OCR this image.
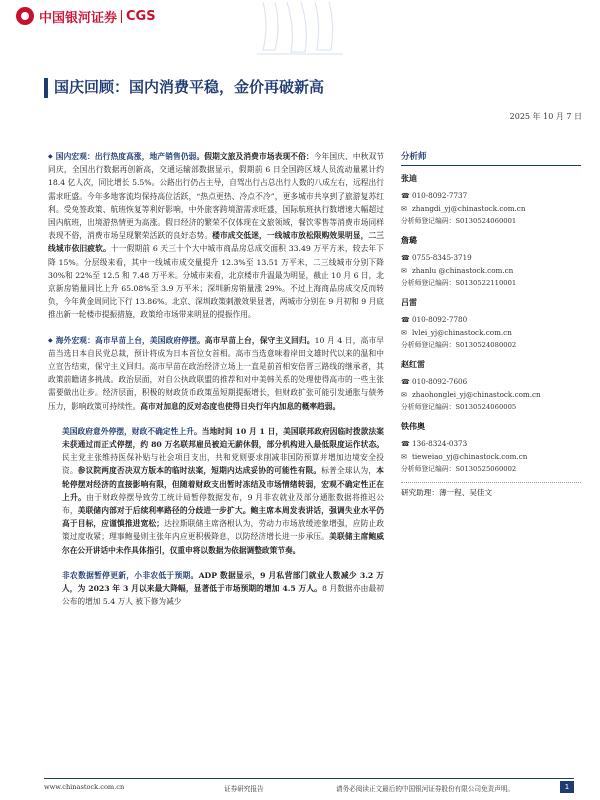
中国银河证券 CGS
国庆回顾：国内消费平稳，金价再破新高
2025 年 10 月 7 日

◆ 国内宏观：出行热度高涨，地产销售仍弱。假期文旅及消费市场表现不俗：今年国庆、中秋双节同庆，全国出行数据再创新高，交通运输部数据显示，假期前 6 日全国跨区域人员流动量累计约 18.4 亿人次，同比增长 5.5%。公路出行仍占主导，自驾出行占总出行人数的八成左右，远程出行需求旺盛。今年多地客流均保持高位活跃，“热点更热、冷点不冷”，更多城市共享到了旅游复苏红利。受免签政策、航班恢复等利好影响，中外旅客跨境游需求旺盛，国际航班执行数增速大幅超过国内航班，出境游热情更为高涨。假日经济的繁荣不仅体现在文旅领域，餐饮零售等消费市场同样表现不俗，消费市场呈现繁荣活跃的良好态势。楼市成交低迷，一线城市放松限购效果明显，二三线城市依旧疲软。十一假期前 6 天三十个大中城市商品房总成交面积 33.49 万平方米，较去年下降 15%。分层级来看，其中一线城市成交量提升 12.3%至 13.51 万平米，二三线城市分别下降 30%和 22%至 12.5 和 7.48 万平米。分城市来看，北京楼市升温最为明显，截止 10 月 6 日，北京新房销量同比上升 65.08%至 3.9 万平米；深圳新房销量涨 29%。不过上海商品房成交反而转负，今年黄金周同比下行 13.86%。北京、深圳政策刺激效果显著，两城市分别在 9 月初和 9 月底推出新一轮楼市提振措施，政策给市场带来明显的提振作用。

◆ 海外宏观：高市早苗上台，美国政府停摆。高市早苗上台，保守主义回归。10 月 4 日，高市早苗当选日本自民党总裁，预计将成为日本首位女首相。高市当选意味着岸田文雄时代以来的温和中立宣告结束，保守主义回归。高市早苗在政治经济立场上一直是前首相安倍晋三路线的继承者，其政策前瞻诸多挑战。政治层面，对自公执政联盟的推荐和对中美韩关系的处理使得高市的一些主张需要做出让步。经济层面，积极的财政货币政策虽短期提振增长，但财政扩张可能引发通胀与债务压力，影响政策可持续性。高市对加息的反对态度也使得日央行年内加息的概率趋弱。

美国政府意外停摆，财政不确定性上升。当地时间 10 月 1 日，美国联邦政府因临时拨款法案未获通过而正式停摆，约 80 万名联邦雇员被迫无薪休假，部分机构进入最低限度运作状态。民主党主张维持医保补贴与社会项目支出，共和党则要求削减非国防预算并增加边境安全投资。参议院两度否决双方版本的临时法案，短期内达成妥协的可能性有限。标普全球认为，本轮停摆对经济的直接影响有限，但随着财政支出暂时冻结及市场情绪转弱，宏观不确定性正在上升。由于财政停摆导致劳工统计局暂停数据发布，9 月非农就业及部分通胀数据将推迟公布，美联储内部对于后续利率路径的分歧进一步扩大。鲍主席本周发表讲话，强调失业水平仍高于目标，应谨慎推进宽松；达拉斯联储主席洛根认为，劳动力市场放缓迹象增强，应防止政策过度收紧；理事鲍曼则主张年内应更积极降息，以防经济增长进一步承压。美联储主席鲍威尔在公开讲话中未作具体指引，仅重申将以数据为依据调整政策节奏。

非农数据暂停更新，小非农低于预期。ADP 数据显示，9 月私营部门就业人数减少 3.2 万人，为 2023 年 3 月以来最大降幅，显著低于市场预期的增加 4.5 万人。8 月数据亦由最初公布的增加 5.4 万人 被下修为减少

分析师
张迪
☎ 010-8092-7737
✉ zhangdi_yj@chinastock.com.cn
分析师登记编码：S0130524060001
詹璐
☎ 0755-8345-3719
✉ zhanlu @chinastock.com.cn
分析师登记编码：S0130522110001
吕雷
☎ 010-8092-7780
✉ lvlei_yj@chinastock.com.cn
分析师登记编码：S0130524080002
赵红雷
☎ 010-8092-7606
✉ zhaohonglei_yj@chinastock.com.cn
分析师登记编码：S0130524060005
铁伟奥
☎ 136-8324-0373
✉ tieweiao_yj@chinastock.com.cn
分析师登记编码：S0130525060002
研究助理：薄一程、吴佳文
www.chinastock.com.cn	证券研究报告	请务必阅读正文最后的中国银河证券股份有限公司免责声明。	1
